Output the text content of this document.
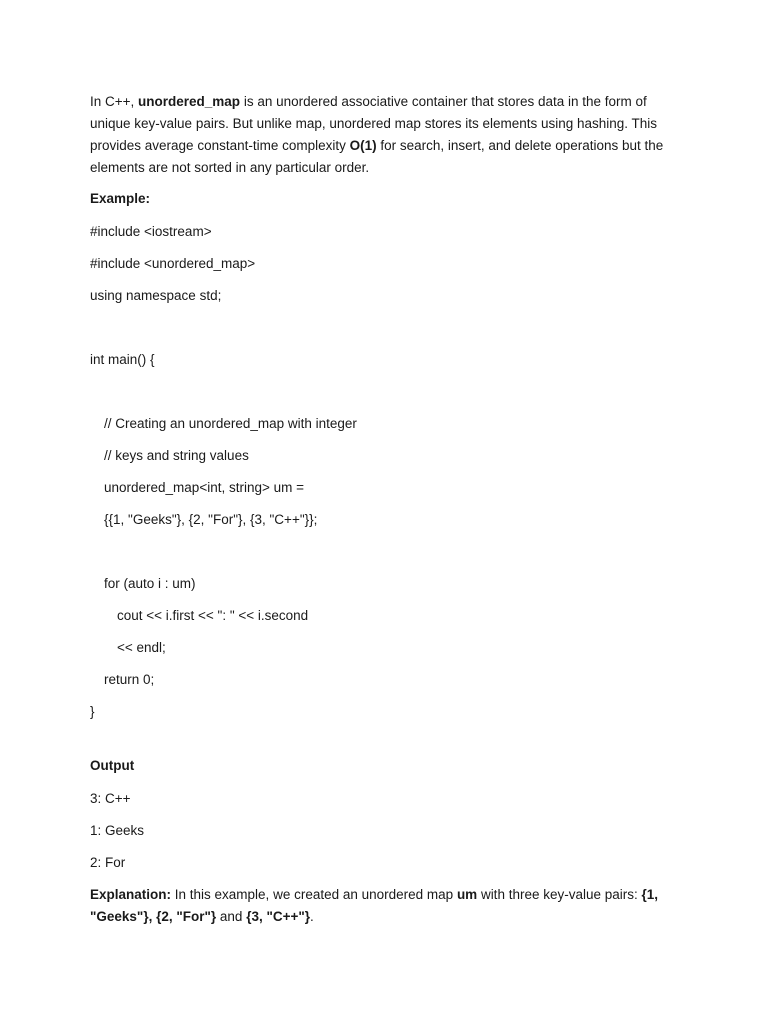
In C++, unordered_map is an unordered associative container that stores data in the form of unique key-value pairs. But unlike map, unordered map stores its elements using hashing. This provides average constant-time complexity O(1) for search, insert, and delete operations but the elements are not sorted in any particular order.

Example:
#include <iostream>
#include <unordered_map>
using namespace std;
int main() {
// Creating an unordered_map with integer
// keys and string values
unordered_map<int, string> um =
{{1, "Geeks"}, {2, "For"}, {3, "C++"}};
for (auto i : um)
cout << i.first << ": " << i.second
<< endl;
return 0;
}
Output
3: C++
1: Geeks
2: For

Explanation: In this example, we created an unordered map um with three key-value pairs: {1, "Geeks"}, {2, "For"} and {3, "C++"}.
